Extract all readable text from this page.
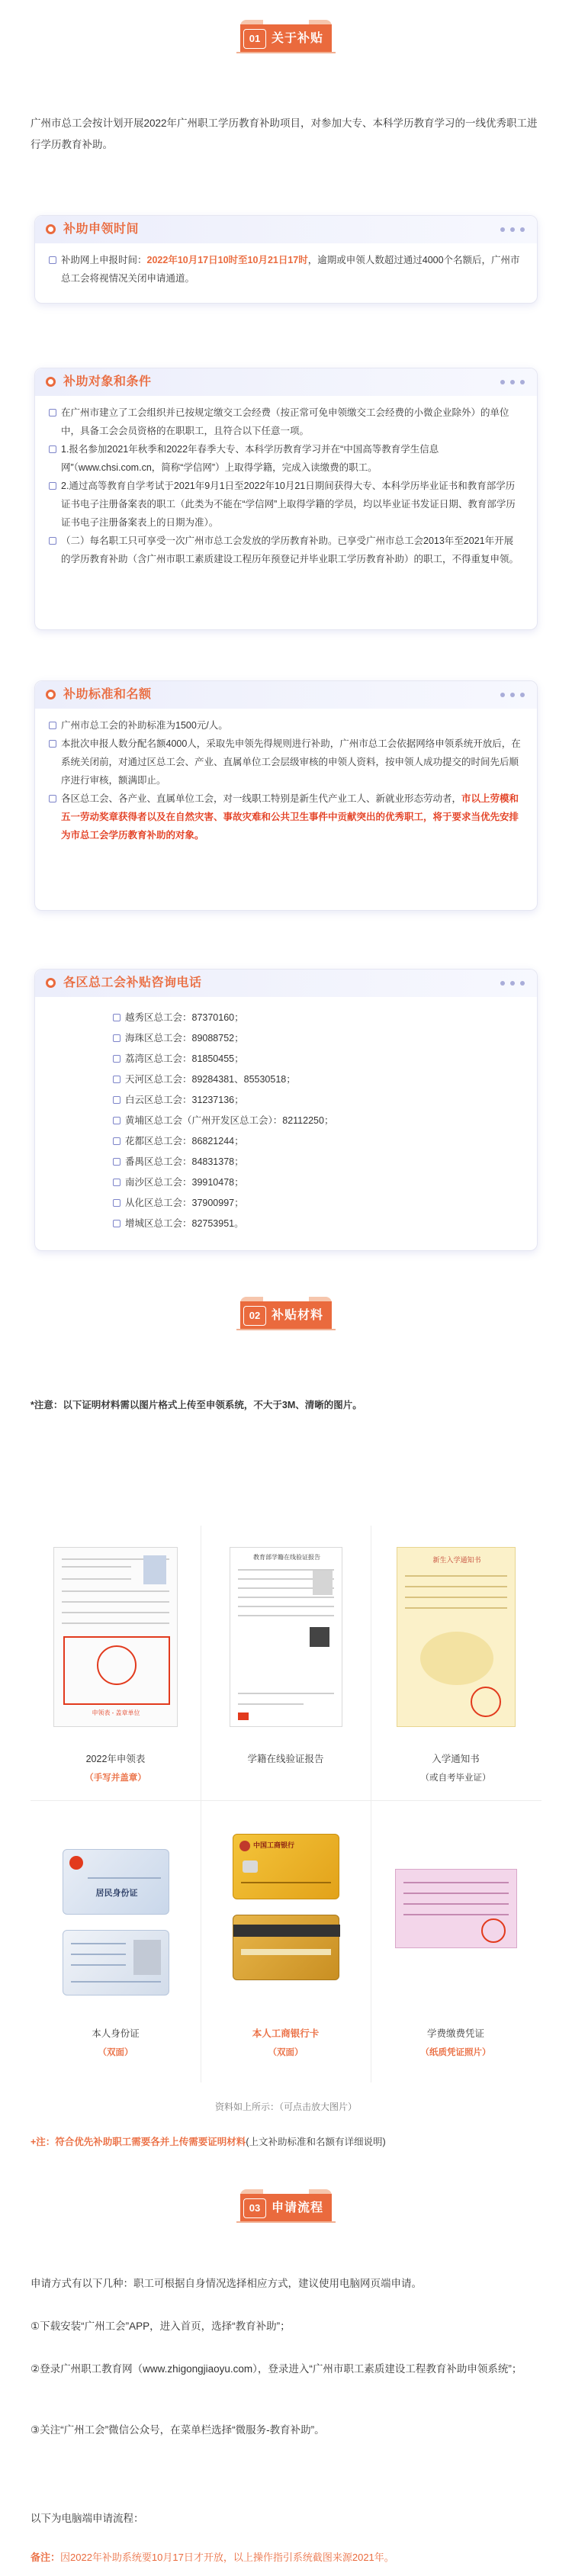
01 关于补贴
广州市总工会按计划开展2022年广州职工学历教育补助项目，对参加大专、本科学历教育学习的一线优秀职工进行学历教育补助。
补助申领时间
补助网上申报时间：2022年10月17日10时至10月21日17时，逾期或申领人数超过通过4000个名额后，广州市总工会将视情况关闭申请通道。
补助对象和条件
在广州市建立了工会组织并已按规定缴交工会经费（按正常可免申领缴交工会经费的小微企业除外）的单位中，具备工会会员资格的在职职工，且符合以下任意一项。
1.报名参加2021年秋季和2022年春季大专、本科学历教育学习并在“中国高等教育学生信息网”（www.chsi.com.cn，简称“学信网”）上取得学籍，完成入读缴费的职工。
2.通过高等教育自学考试于2021年9月1日至2022年10月21日期间获得大专、本科学历毕业证书和教育部学历证书电子注册备案表的职工（此类为不能在“学信网”上取得学籍的学员，均以毕业证书发证日期、教育部学历证书电子注册备案表上的日期为准）。
（二）每名职工只可享受一次广州市总工会发放的学历教育补助。已享受广州市总工会2013年至2021年开展的学历教育补助（含广州市职工素质建设工程历年预登记并毕业职工学历教育补助）的职工，不得重复申领。
补助标准和名额
广州市总工会的补助标准为1500元/人。
本批次申报人数分配名额4000人，采取先申领先得规则进行补助，广州市总工会依据网络申领系统开放后，在系统关闭前，对通过区总工会、产业、直属单位工会层级审核的申领人资料，按申领人成功提交的时间先后顺序进行审核，额满即止。
各区总工会、各产业、直属单位工会，对一线职工特别是新生代产业工人、新就业形态劳动者，市以上劳模和五一劳动奖章获得者以及在自然灾害、事故灾难和公共卫生事件中贡献突出的优秀职工，将于要求当优先安排为市总工会学历教育补助的对象。
各区总工会补贴咨询电话
越秀区总工会：87370160；
海珠区总工会：89088752；
荔湾区总工会：81850455；
天河区总工会：89284381、85530518；
白云区总工会：31237136；
黄埔区总工会（广州开发区总工会）：82112250；
花都区总工会：86821244；
番禺区总工会：84831378；
南沙区总工会：39910478；
从化区总工会：37900997；
增城区总工会：82753951。
02 补贴材料
*注意：以下证明材料需以图片格式上传至申领系统，不大于3M、清晰的图片。
申领表 - 盖章单位
2022年申领表
（手写并盖章）
教育部学籍在线验证报告
学籍在线验证报告
新生入学通知书
入学通知书
（或自考毕业证）
居民身份证
本人身份证
（双面）
中国工商银行
本人工商银行卡
（双面）
学费缴费凭证
（纸质凭证照片）
资料如上所示：（可点击放大图片）
+注：符合优先补助职工需要各并上传需要证明材料(上文补助标准和名额有详细说明)
03 申请流程
申请方式有以下几种：职工可根据自身情况选择相应方式，建议使用电脑网页端申请。
①下载安装“广州工会”APP，进入首页，选择“教育补助”；
②登录广州职工教育网（www.zhigongjiaoyu.com），登录进入“广州市职工素质建设工程教育补助申领系统”；
③关注“广州工会”微信公众号，在菜单栏选择“微服务-教育补助”。
以下为电脑端申请流程：
备注：因2022年补助系统要10月17日才开放，以上操作指引系统截图来源2021年。
